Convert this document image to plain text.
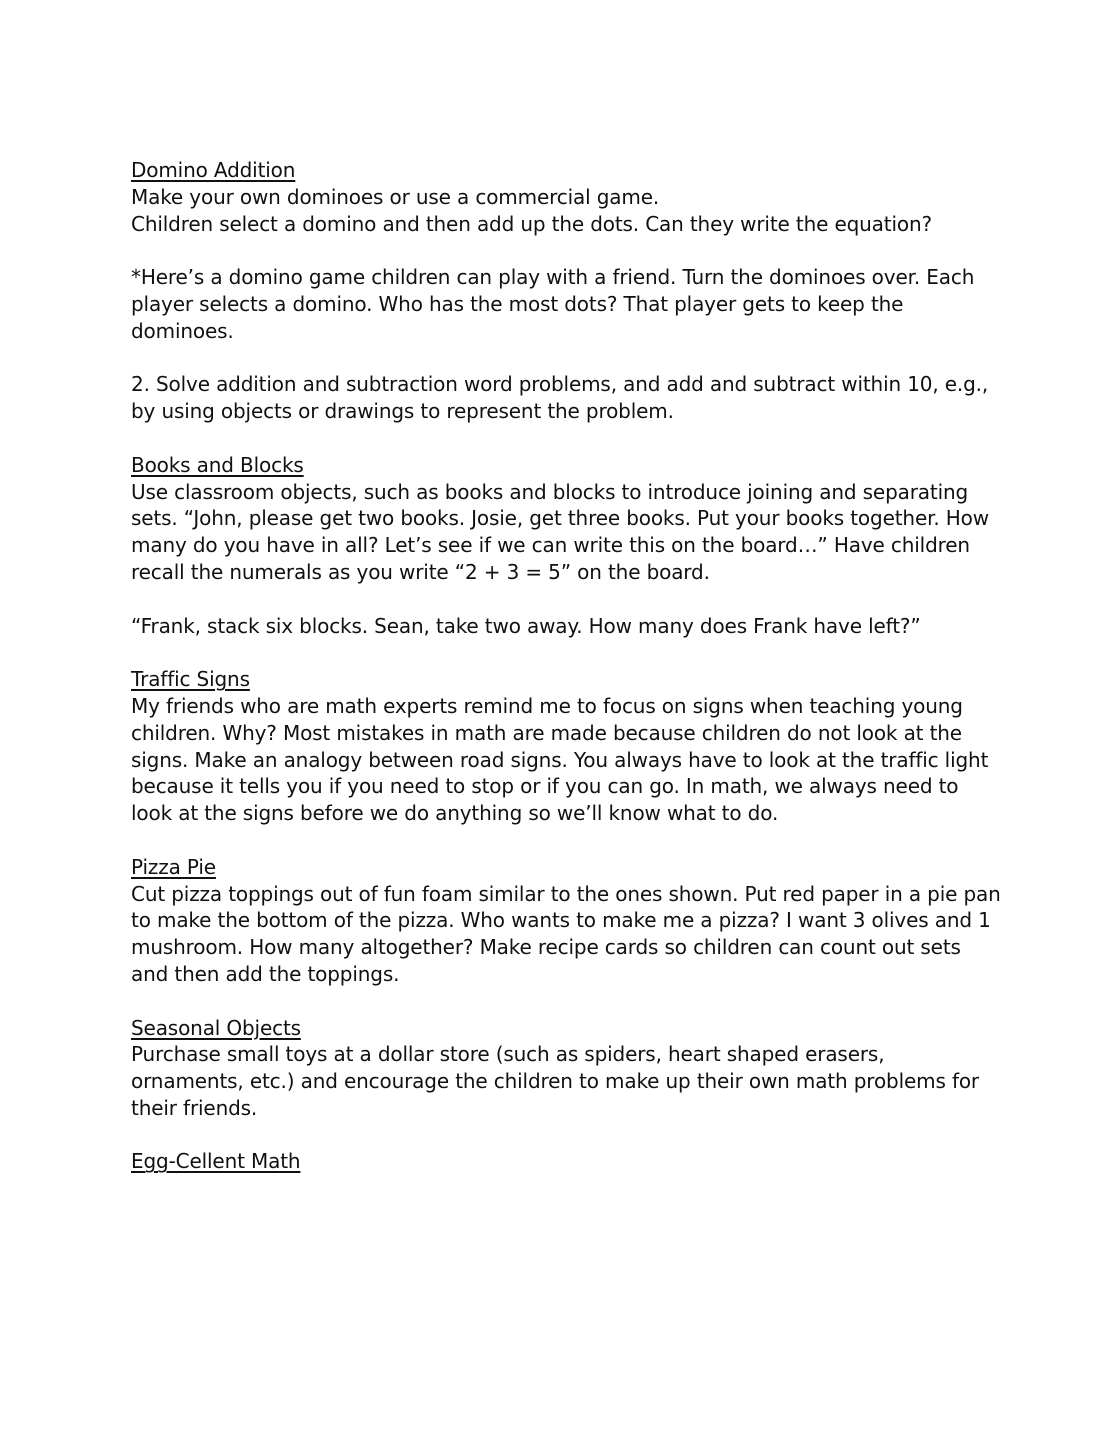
Domino Addition

Make your own dominoes or use a commercial game.

Children select a domino and then add up the dots. Can they write the equation?

*Here’s a domino game children can play with a friend. Turn the dominoes over. Each player selects a domino. Who has the most dots? That player gets to keep the dominoes.

2. Solve addition and subtraction word problems, and add and subtract within 10, e.g., by using objects or drawings to represent the problem.

Books and Blocks

Use classroom objects, such as books and blocks to introduce joining and separating sets. “John, please get two books. Josie, get three books. Put your books together. How many do you have in all? Let’s see if we can write this on the board…” Have children recall the numerals as you write “2 + 3 = 5” on the board.

“Frank, stack six blocks. Sean, take two away. How many does Frank have left?”

Traffic Signs

My friends who are math experts remind me to focus on signs when teaching young children. Why? Most mistakes in math are made because children do not look at the signs. Make an analogy between road signs. You always have to look at the traffic light because it tells you if you need to stop or if you can go. In math, we always need to look at the signs before we do anything so we’ll know what to do.

Pizza Pie

Cut pizza toppings out of fun foam similar to the ones shown. Put red paper in a pie pan to make the bottom of the pizza. Who wants to make me a pizza? I want 3 olives and 1 mushroom. How many altogether? Make recipe cards so children can count out sets and then add the toppings.

Seasonal Objects

Purchase small toys at a dollar store (such as spiders, heart shaped erasers, ornaments, etc.) and encourage the children to make up their own math problems for their friends.

Egg-Cellent Math
